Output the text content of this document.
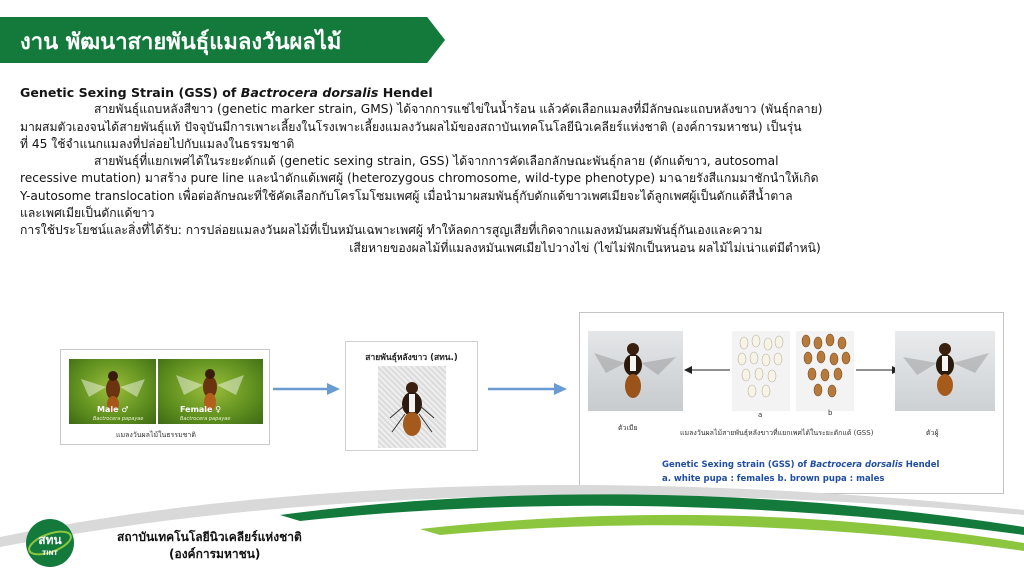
งาน พัฒนาสายพันธุ์แมลงวันผลไม้
Genetic Sexing Strain (GSS) of Bactrocera dorsalis Hendel
สายพันธุ์แถบหลังสีขาว (genetic marker strain, GMS) ได้จากการแช่ไข่ในน้ำร้อน แล้วคัดเลือกแมลงที่มีลักษณะแถบหลังขาว (พันธุ์กลาย)
มาผสมตัวเองจนได้สายพันธุ์แท้ ปัจจุบันมีการเพาะเลี้ยงในโรงเพาะเลี้ยงแมลงวันผลไม้ของสถาบันเทคโนโลยีนิวเคลียร์แห่งชาติ (องค์การมหาชน) เป็นรุ่น
ที่ 45 ใช้จำแนกแมลงที่ปล่อยไปกับแมลงในธรรมชาติ
สายพันธุ์ที่แยกเพศได้ในระยะดักแด้ (genetic sexing strain, GSS) ได้จากการคัดเลือกลักษณะพันธุ์กลาย (ดักแด้ขาว, autosomal
recessive mutation) มาสร้าง pure line และนำดักแด้เพศผู้ (heterozygous chromosome, wild-type phenotype) มาฉายรังสีแกมมาชักนำให้เกิด
Y-autosome translocation เพื่อต่อลักษณะที่ใช้คัดเลือกกับโครโมโซมเพศผู้ เมื่อนำมาผสมพันธุ์กับดักแด้ขาวเพศเมียจะได้ลูกเพศผู้เป็นดักแด้สีน้ำตาล
และเพศเมียเป็นดักแด้ขาว
การใช้ประโยชน์และสิ่งที่ได้รับ: การปล่อยแมลงวันผลไม้ที่เป็นหมันเฉพาะเพศผู้ ทำให้ลดการสูญเสียที่เกิดจากแมลงหมันผสมพันธุ์กันเองและความ
เสียหายของผลไม้ที่แมลงหมันเพศเมียไปวางไข่ (ไข่ไม่ฟักเป็นหนอน ผลไม้ไม่เน่าแต่มีตำหนิ)
Male ♂
Bactrocera papayae
Female ♀
Bactrocera papayae
แมลงวันผลไม้ในธรรมชาติ
สายพันธุ์หลังขาว (สทน.)
a	b
ตัวเมีย
แมลงวันผลไม้สายพันธุ์หลังขาวที่แยกเพศได้ในระยะดักแด้ (GSS)	ตัวผู้
Genetic Sexing strain (GSS) of Bactrocera dorsalis Hendel
a. white pupa : females b. brown pupa : males
สทน
TINT
สถาบันเทคโนโลยีนิวเคลียร์แห่งชาติ
(องค์การมหาชน)
